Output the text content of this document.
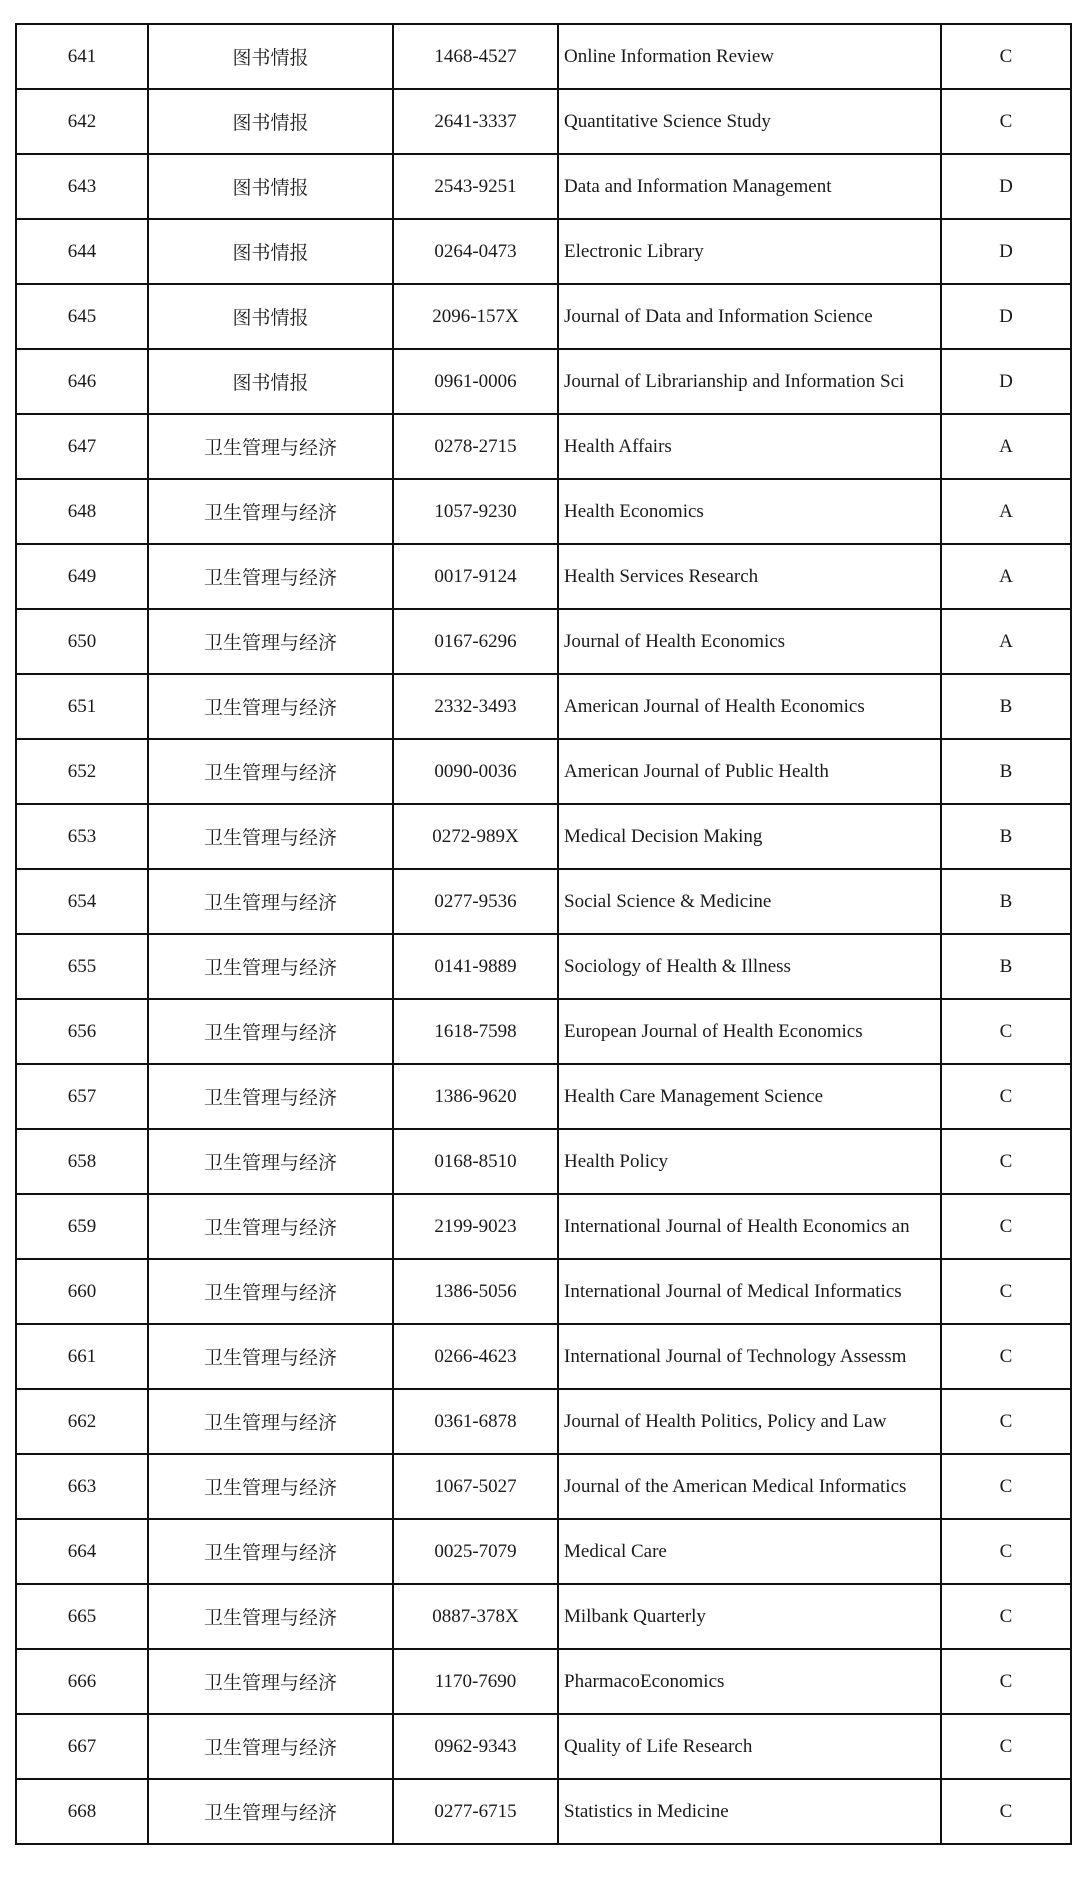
641	图书情报	1468-4527	Online Information Review	C
642	图书情报	2641-3337	Quantitative Science Study	C
643	图书情报	2543-9251	Data and Information Management	D
644	图书情报	0264-0473	Electronic Library	D
645	图书情报	2096-157X	Journal of Data and Information Science	D
646	图书情报	0961-0006	Journal of Librarianship and Information Sci	D
647	卫生管理与经济	0278-2715	Health Affairs	A
648	卫生管理与经济	1057-9230	Health Economics	A
649	卫生管理与经济	0017-9124	Health Services Research	A
650	卫生管理与经济	0167-6296	Journal of Health Economics	A
651	卫生管理与经济	2332-3493	American Journal of Health Economics	B
652	卫生管理与经济	0090-0036	American Journal of Public Health	B
653	卫生管理与经济	0272-989X	Medical Decision Making	B
654	卫生管理与经济	0277-9536	Social Science & Medicine	B
655	卫生管理与经济	0141-9889	Sociology of Health & Illness	B
656	卫生管理与经济	1618-7598	European Journal of Health Economics	C
657	卫生管理与经济	1386-9620	Health Care Management Science	C
658	卫生管理与经济	0168-8510	Health Policy	C
659	卫生管理与经济	2199-9023	International Journal of Health Economics an	C
660	卫生管理与经济	1386-5056	International Journal of Medical Informatics	C
661	卫生管理与经济	0266-4623	International Journal of Technology Assessm	C
662	卫生管理与经济	0361-6878	Journal of Health Politics, Policy and Law	C
663	卫生管理与经济	1067-5027	Journal of the American Medical Informatics	C
664	卫生管理与经济	0025-7079	Medical Care	C
665	卫生管理与经济	0887-378X	Milbank Quarterly	C
666	卫生管理与经济	1170-7690	PharmacoEconomics	C
667	卫生管理与经济	0962-9343	Quality of Life Research	C
668	卫生管理与经济	0277-6715	Statistics in Medicine	C
